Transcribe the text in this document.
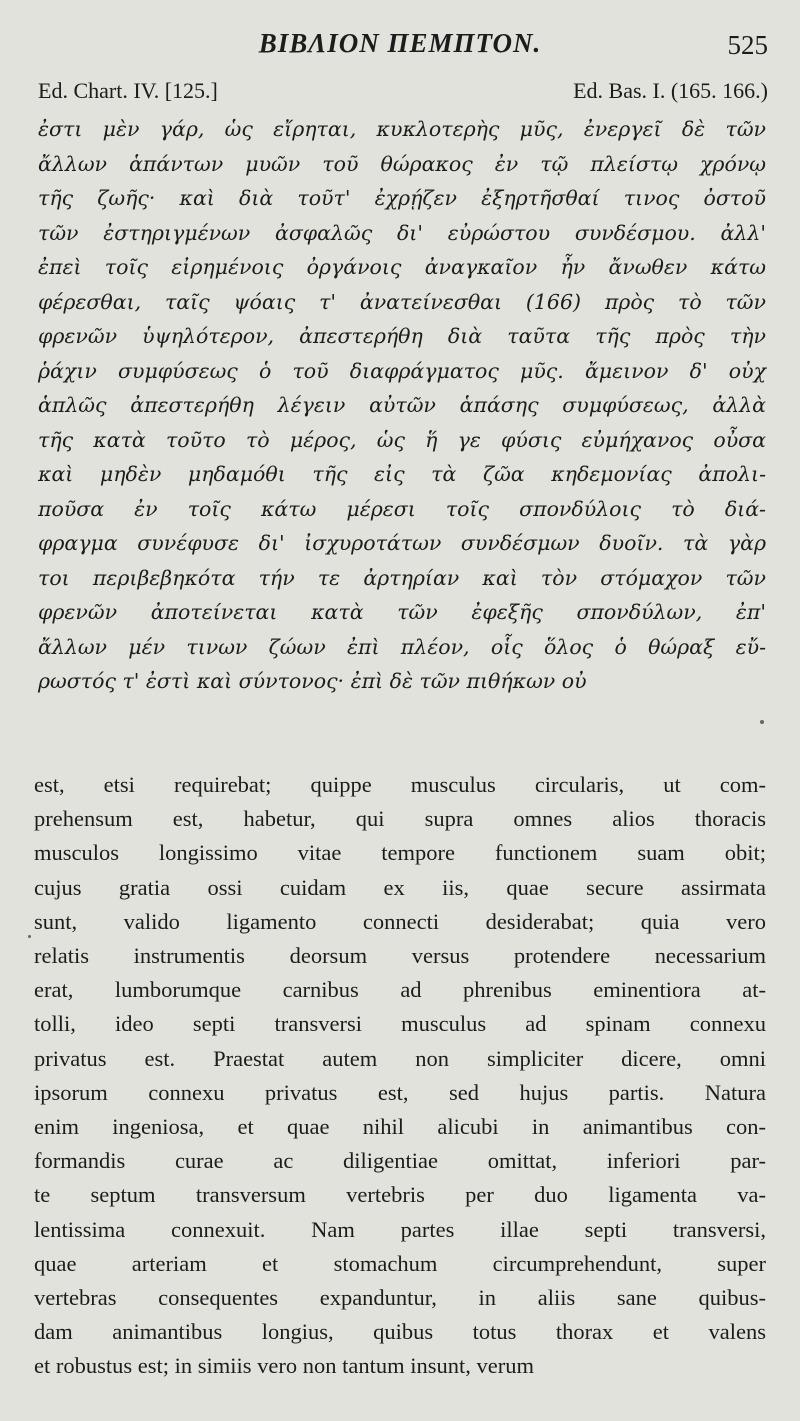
ΒΙΒΛΙΟΝ ΠΕΜΠΤΟΝ.	525
Ed. Chart. IV. [125.]	Ed. Bas. I. (165. 166.)
ἐστι μὲν γάρ, ὡς εἴρηται, κυκλοτερὴς μῦς, ἐνεργεῖ δὲ τῶν
ἄλλων ἁπάντων μυῶν τοῦ θώρακος ἐν τῷ πλείστῳ χρόνῳ
τῆς ζωῆς· καὶ διὰ τοῦτ' ἐχρῄζεν ἐξηρτῆσθαί τινος ὀστοῦ
τῶν ἐστηριγμένων ἀσφαλῶς δι' εὐρώστου συνδέσμου. ἀλλ'
ἐπεὶ τοῖς εἰρημένοις ὀργάνοις ἀναγκαῖον ἦν ἄνωθεν κάτω
φέρεσθαι, ταῖς ψόαις τ' ἀνατείνεσθαι (166) πρὸς τὸ τῶν
φρενῶν ὑψηλότερον, ἀπεστερήθη διὰ ταῦτα τῆς πρὸς τὴν
ῥάχιν συμφύσεως ὁ τοῦ διαφράγματος μῦς. ἄμεινον δ' οὐχ
ἁπλῶς ἀπεστερήθη λέγειν αὐτῶν ἁπάσης συμφύσεως, ἀλλὰ
τῆς κατὰ τοῦτο τὸ μέρος, ὡς ἥ γε φύσις εὐμήχανος οὖσα
καὶ μηδὲν μηδαμόθι τῆς εἰς τὰ ζῶα κηδεμονίας ἀπολι-
ποῦσα ἐν τοῖς κάτω μέρεσι τοῖς σπονδύλοις τὸ διά-
φραγμα συνέφυσε δι' ἰσχυροτάτων συνδέσμων δυοῖν. τὰ γὰρ
τοι περιβεβηκότα τήν τε ἀρτηρίαν καὶ τὸν στόμαχον τῶν
φρενῶν ἀποτείνεται κατὰ τῶν ἐφεξῆς σπονδύλων, ἐπ'
ἄλλων μέν τινων ζώων ἐπὶ πλέον, οἷς ὅλος ὁ θώραξ εὔ-
ρωστός τ' ἐστὶ καὶ σύντονος· ἐπὶ δὲ τῶν πιθήκων οὐ
est, etsi requirebat; quippe musculus circularis, ut com-
prehensum est, habetur, qui supra omnes alios thoracis
musculos longissimo vitae tempore functionem suam obit;
cujus gratia ossi cuidam ex iis, quae secure assirmata
sunt, valido ligamento connecti desiderabat; quia vero
relatis instrumentis deorsum versus protendere necessarium
erat, lumborumque carnibus ad phrenibus eminentiora at-
tolli, ideo septi transversi musculus ad spinam connexu
privatus est. Praestat autem non simpliciter dicere, omni
ipsorum connexu privatus est, sed hujus partis. Natura
enim ingeniosa, et quae nihil alicubi in animantibus con-
formandis curae ac diligentiae omittat, inferiori par-
te septum transversum vertebris per duo ligamenta va-
lentissima connexuit. Nam partes illae septi transversi,
quae arteriam et stomachum circumprehendunt, super
vertebras consequentes expanduntur, in aliis sane quibus-
dam animantibus longius, quibus totus thorax et valens
et robustus est; in simiis vero non tantum insunt, verum
